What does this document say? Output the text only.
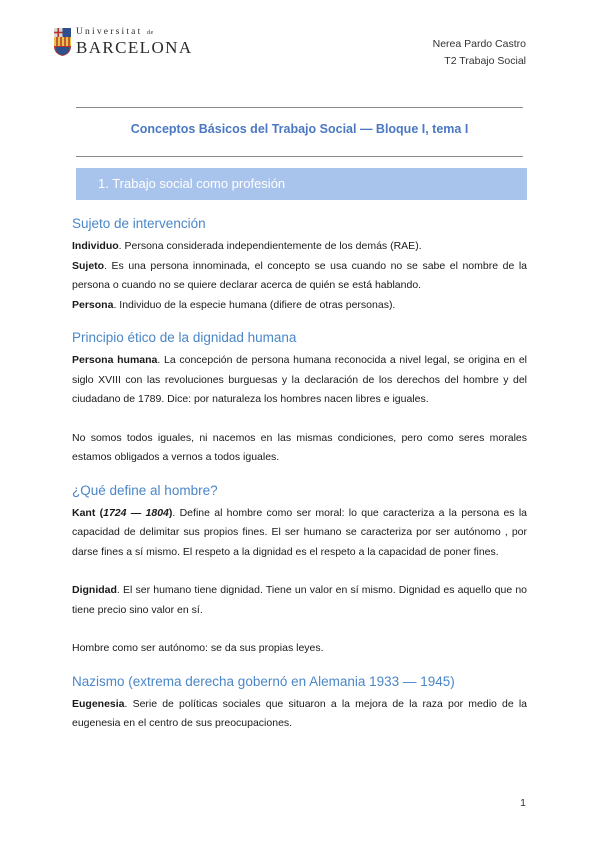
Universitat de
BARCELONA	Nerea Pardo Castro
T2 Trabajo Social
Conceptos Básicos del Trabajo Social — Bloque I, tema I
1. Trabajo social como profesión
Sujeto de intervención

Individuo. Persona considerada independientemente de los demás (RAE).

Sujeto. Es una persona innominada, el concepto se usa cuando no se sabe el nombre de la persona o cuando no se quiere declarar acerca de quién se está hablando.

Persona. Individuo de la especie humana (difiere de otras personas).

Principio ético de la dignidad humana

Persona humana. La concepción de persona humana reconocida a nivel legal, se origina en el siglo XVIII con las revoluciones burguesas y la declaración de los derechos del hombre y del ciudadano de 1789. Dice: por naturaleza los hombres nacen libres e iguales.

No somos todos iguales, ni nacemos en las mismas condiciones, pero como seres morales estamos obligados a vernos a todos iguales.

¿Qué define al hombre?

Kant (1724 — 1804). Define al hombre como ser moral: lo que caracteriza a la persona es la capacidad de delimitar sus propios fines. El ser humano se caracteriza por ser autónomo , por darse fines a sí mismo. El respeto a la dignidad es el respeto a la capacidad de poner fines.

Dignidad. El ser humano tiene dignidad. Tiene un valor en sí mismo. Dignidad es aquello que no tiene precio sino valor en sí.

Hombre como ser autónomo: se da sus propias leyes.

Nazismo (extrema derecha gobernó en Alemania 1933 — 1945)

Eugenesia. Serie de políticas sociales que situaron a la mejora de la raza por medio de la eugenesia en el centro de sus preocupaciones.

1
